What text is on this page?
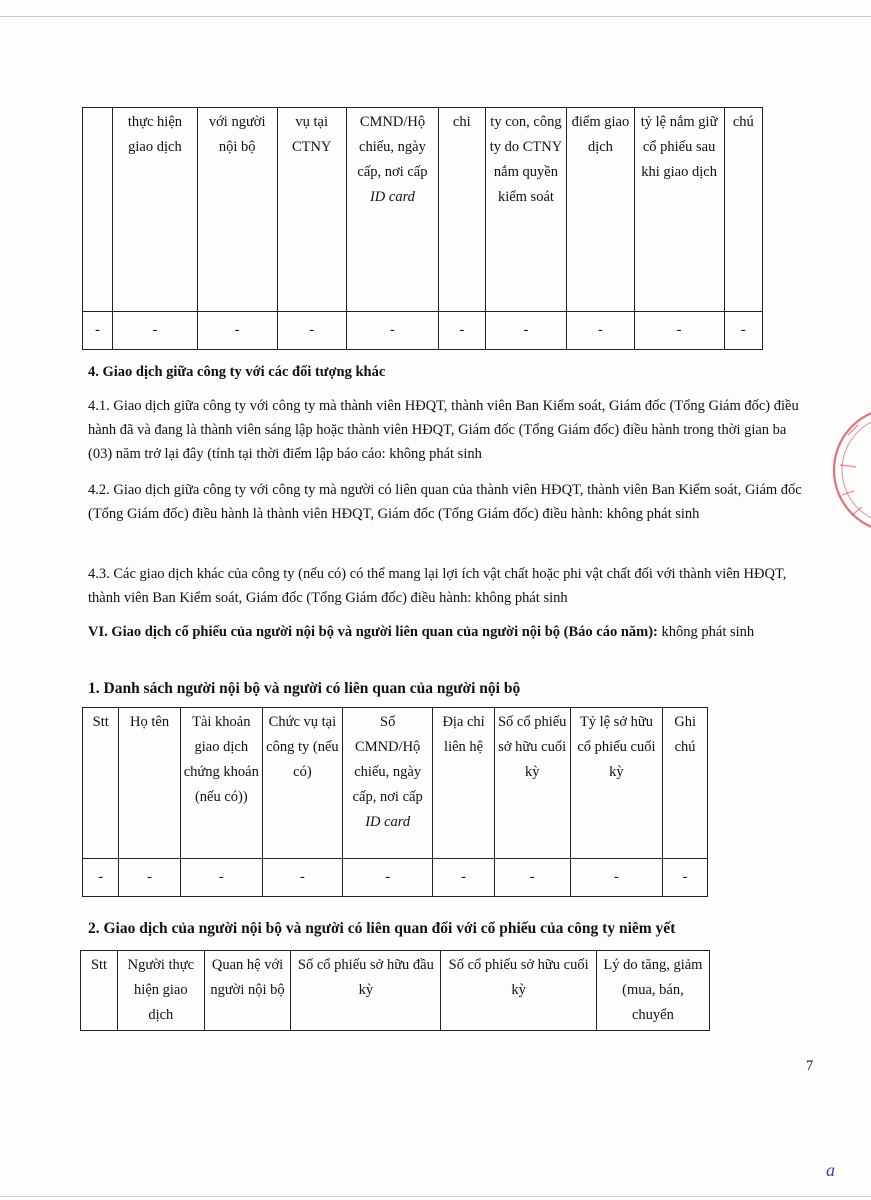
	thực hiện giao dịch	với người nội bộ	vụ tại CTNY	CMND/Hộ chiếu, ngày cấp, nơi cấp ID card	chi	ty con, công ty do CTNY nắm quyền kiểm soát	điểm giao dịch	tỷ lệ nắm giữ cổ phiếu sau khi giao dịch	chú
-	-	-	-	-	-	-	-	-	-
4. Giao dịch giữa công ty với các đối tượng khác
4.1. Giao dịch giữa công ty với công ty mà thành viên HĐQT, thành viên Ban Kiểm soát, Giám đốc (Tổng Giám đốc) điều hành đã và đang là thành viên sáng lập hoặc thành viên HĐQT, Giám đốc (Tổng Giám đốc) điều hành trong thời gian ba (03) năm trở lại đây (tính tại thời điểm lập báo cáo: không phát sinh
4.2. Giao dịch giữa công ty với công ty mà người có liên quan của thành viên HĐQT, thành viên Ban Kiểm soát, Giám đốc (Tổng Giám đốc) điều hành là thành viên HĐQT, Giám đốc (Tổng Giám đốc) điều hành: không phát sinh
4.3. Các giao dịch khác của công ty (nếu có) có thể mang lại lợi ích vật chất hoặc phi vật chất đối với thành viên HĐQT, thành viên Ban Kiểm soát, Giám đốc (Tổng Giám đốc) điều hành: không phát sinh
VI. Giao dịch cổ phiếu của người nội bộ và người liên quan của người nội bộ (Báo cáo năm): không phát sinh
1. Danh sách người nội bộ và người có liên quan của người nội bộ
Stt	Họ tên	Tài khoản giao dịch chứng khoán (nếu có))	Chức vụ tại công ty (nếu có)	Số CMND/Hộ chiếu, ngày cấp, nơi cấp ID card	Địa chỉ liên hệ	Số cổ phiếu sở hữu cuối kỳ	Tỷ lệ sở hữu cổ phiếu cuối kỳ	Ghi chú
-	-	-	-	-	-	-	-	-
2. Giao dịch của người nội bộ và người có liên quan đối với cổ phiếu của công ty niêm yết
Stt	Người thực hiện giao dịch	Quan hệ với người nội bộ	Số cổ phiếu sở hữu đầu kỳ	Số cổ phiếu sở hữu cuối kỳ	Lý do tăng, giảm (mua, bán, chuyển
7
a
